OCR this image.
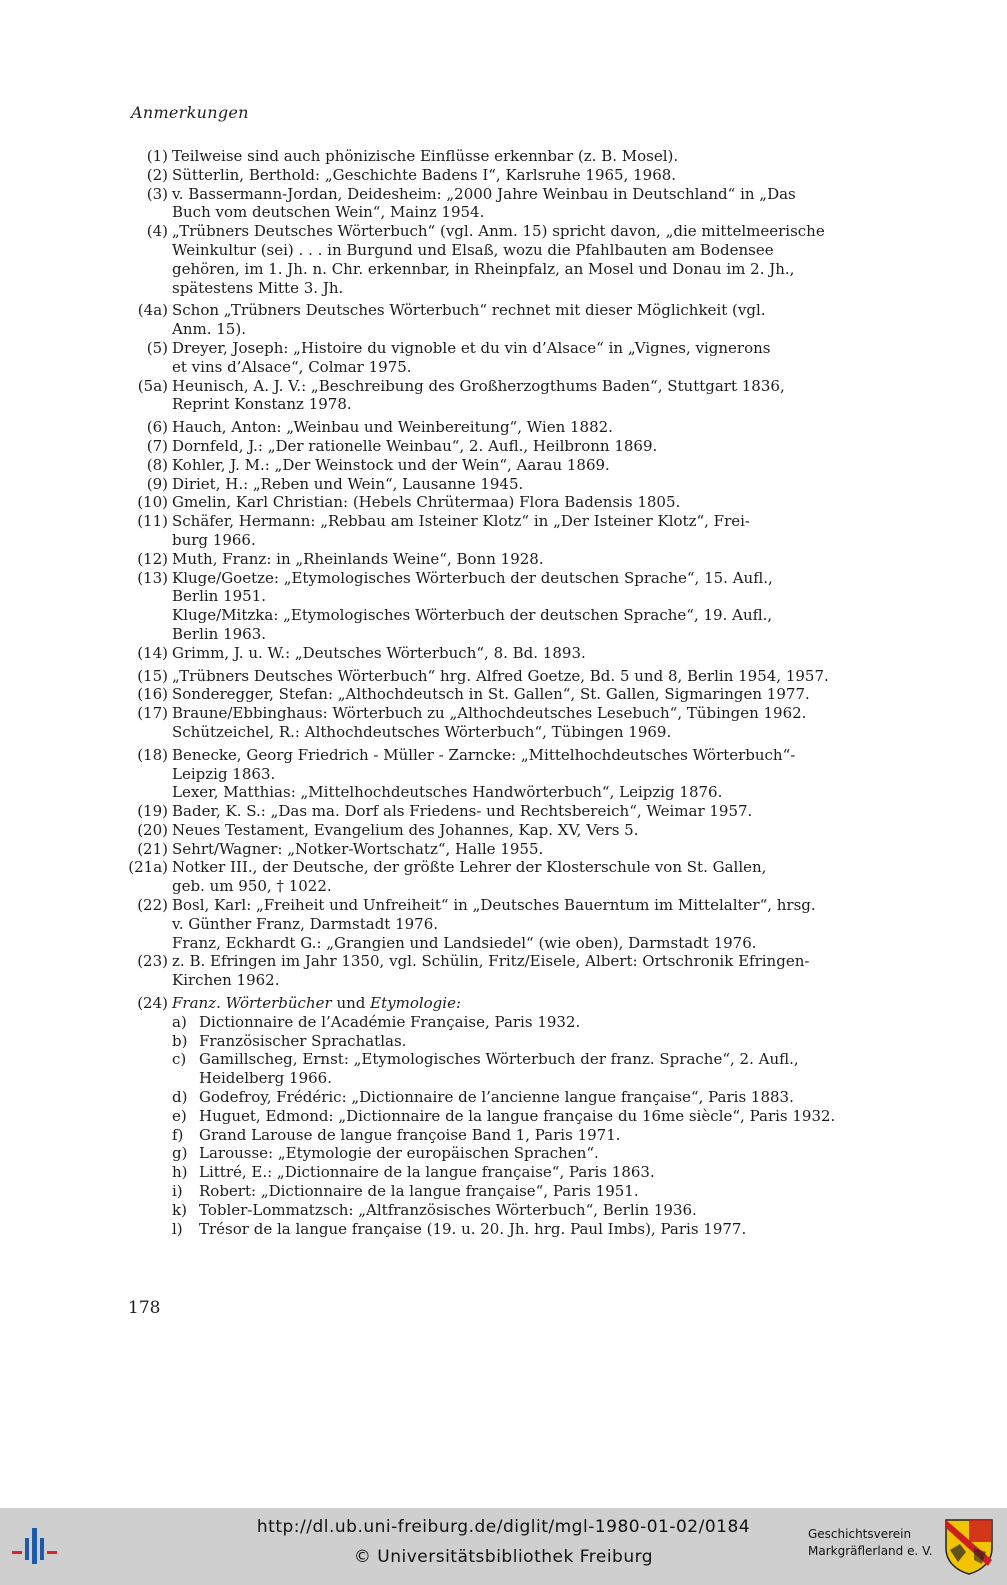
Anmerkungen
(1) Teilweise sind auch phönizische Einflüsse erkennbar (z. B. Mosel).
(2) Sütterlin, Berthold: „Geschichte Badens I“, Karlsruhe 1965, 1968.
(3) v. Bassermann-Jordan, Deidesheim: „2000 Jahre Weinbau in Deutschland“ in „Das
Buch vom deutschen Wein“, Mainz 1954.
(4) „Trübners Deutsches Wörterbuch“ (vgl. Anm. 15) spricht davon, „die mittelmeerische
Weinkultur (sei) . . . in Burgund und Elsaß, wozu die Pfahlbauten am Bodensee
gehören, im 1. Jh. n. Chr. erkennbar, in Rheinpfalz, an Mosel und Donau im 2. Jh.,
spätestens Mitte 3. Jh.
(4a) Schon „Trübners Deutsches Wörterbuch“ rechnet mit dieser Möglichkeit (vgl.
Anm. 15).
(5) Dreyer, Joseph: „Histoire du vignoble et du vin d’Alsace“ in „Vignes, vignerons
et vins d’Alsace“, Colmar 1975.
(5a) Heunisch, A. J. V.: „Beschreibung des Großherzogthums Baden“, Stuttgart 1836,
Reprint Konstanz 1978.
(6) Hauch, Anton: „Weinbau und Weinbereitung“, Wien 1882.
(7) Dornfeld, J.: „Der rationelle Weinbau“, 2. Aufl., Heilbronn 1869.
(8) Kohler, J. M.: „Der Weinstock und der Wein“, Aarau 1869.
(9) Diriet, H.: „Reben und Wein“, Lausanne 1945.
(10) Gmelin, Karl Christian: (Hebels Chrütermaa) Flora Badensis 1805.
(11) Schäfer, Hermann: „Rebbau am Isteiner Klotz“ in „Der Isteiner Klotz“, Frei-
burg 1966.
(12) Muth, Franz: in „Rheinlands Weine“, Bonn 1928.
(13) Kluge/Goetze: „Etymologisches Wörterbuch der deutschen Sprache“, 15. Aufl.,
Berlin 1951.
Kluge/Mitzka: „Etymologisches Wörterbuch der deutschen Sprache“, 19. Aufl.,
Berlin 1963.
(14) Grimm, J. u. W.: „Deutsches Wörterbuch“, 8. Bd. 1893.
(15) „Trübners Deutsches Wörterbuch“ hrg. Alfred Goetze, Bd. 5 und 8, Berlin 1954, 1957.
(16) Sonderegger, Stefan: „Althochdeutsch in St. Gallen“, St. Gallen, Sigmaringen 1977.
(17) Braune/Ebbinghaus: Wörterbuch zu „Althochdeutsches Lesebuch“, Tübingen 1962.
Schützeichel, R.: Althochdeutsches Wörterbuch“, Tübingen 1969.
(18) Benecke, Georg Friedrich - Müller - Zarncke: „Mittelhochdeutsches Wörterbuch“-
Leipzig 1863.
Lexer, Matthias: „Mittelhochdeutsches Handwörterbuch“, Leipzig 1876.
(19) Bader, K. S.: „Das ma. Dorf als Friedens- und Rechtsbereich“, Weimar 1957.
(20) Neues Testament, Evangelium des Johannes, Kap. XV, Vers 5.
(21) Sehrt/Wagner: „Notker-Wortschatz“, Halle 1955.
(21a) Notker III., der Deutsche, der größte Lehrer der Klosterschule von St. Gallen,
geb. um 950, † 1022.
(22) Bosl, Karl: „Freiheit und Unfreiheit“ in „Deutsches Bauerntum im Mittelalter“, hrsg.
v. Günther Franz, Darmstadt 1976.
Franz, Eckhardt G.: „Grangien und Landsiedel“ (wie oben), Darmstadt 1976.
(23) z. B. Efringen im Jahr 1350, vgl. Schülin, Fritz/Eisele, Albert: Ortschronik Efringen-
Kirchen 1962.
(24) Franz. Wörterbücher und Etymologie:
a) Dictionnaire de l’Académie Française, Paris 1932.
b) Französischer Sprachatlas.
c) Gamillscheg, Ernst: „Etymologisches Wörterbuch der franz. Sprache“, 2. Aufl.,
Heidelberg 1966.
d) Godefroy, Frédéric: „Dictionnaire de l’ancienne langue française“, Paris 1883.
e) Huguet, Edmond: „Dictionnaire de la langue française du 16me siècle“, Paris 1932.
f)	Grand Larouse de langue françoise Band 1, Paris 1971.
g) Larousse: „Etymologie der europäischen Sprachen“.
h) Littré, E.: „Dictionnaire de la langue française“, Paris 1863.
i)	Robert: „Dictionnaire de la langue française“, Paris 1951.
k) Tobler-Lommatzsch: „Altfranzösisches Wörterbuch“, Berlin 1936.
l)	Trésor de la langue française (19. u. 20. Jh. hrg. Paul Imbs), Paris 1977.
178
http://dl.ub.uni-freiburg.de/diglit/mgl-1980-01-02/0184
© Universitätsbibliothek Freiburg
Geschichtsverein
Markgräflerland e. V.
